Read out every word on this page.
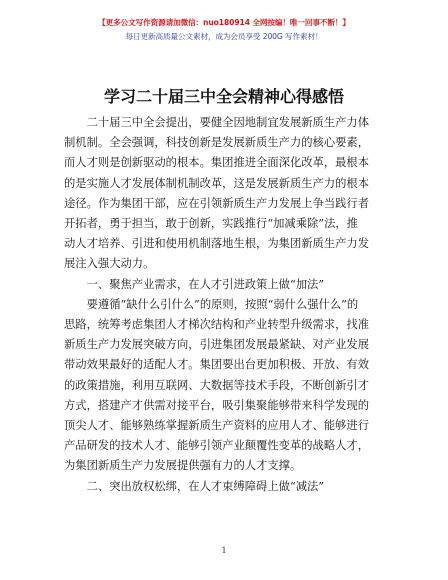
【更多公文写作资源请加微信：nuo180914 全网按编！唯一回事不断！】
每日更新高质量公文素材，成为会员享受 200G 写作素材！
学习二十届三中全会精神心得感悟

二十届三中全会提出，要健全因地制宜发展新质生产力体

制机制。全会强调，科技创新是发展新质生产力的核心要素，

而人才则是创新驱动的根本。集团推进全面深化改革，最根本

的是实施人才发展体制机制改革，这是发展新质生产力的根本

途径。作为集团干部，应在引领新质生产力发展上争当践行者

开拓者，勇于担当，敢于创新，实践推行“加减乘除”法，推

动人才培养、引进和使用机制落地生根，为集团新质生产力发

展注入强大动力。

一、聚焦产业需求，在人才引进政策上做“加法”

要遵循“缺什么引什么”的原则，按照“弱什么强什么”的

思路，统筹考虑集团人才梯次结构和产业转型升级需求，找准

新质生产力发展突破方向，引进集团发展最紧缺、对产业发展

带动效果最好的适配人才。集团要出台更加积极、开放、有效

的政策措施，利用互联网、大数据等技术手段，不断创新引才

方式，搭建产才供需对接平台，吸引集聚能够带来科学发现的

顶尖人才、能够熟练掌握新质生产资料的应用人才、能够进行

产品研发的技术人才、能够引领产业颠覆性变革的战略人才，

为集团新质生产力发展提供强有力的人才支撑。

二、突出放权松绑，在人才束缚障碍上做“减法”

1
